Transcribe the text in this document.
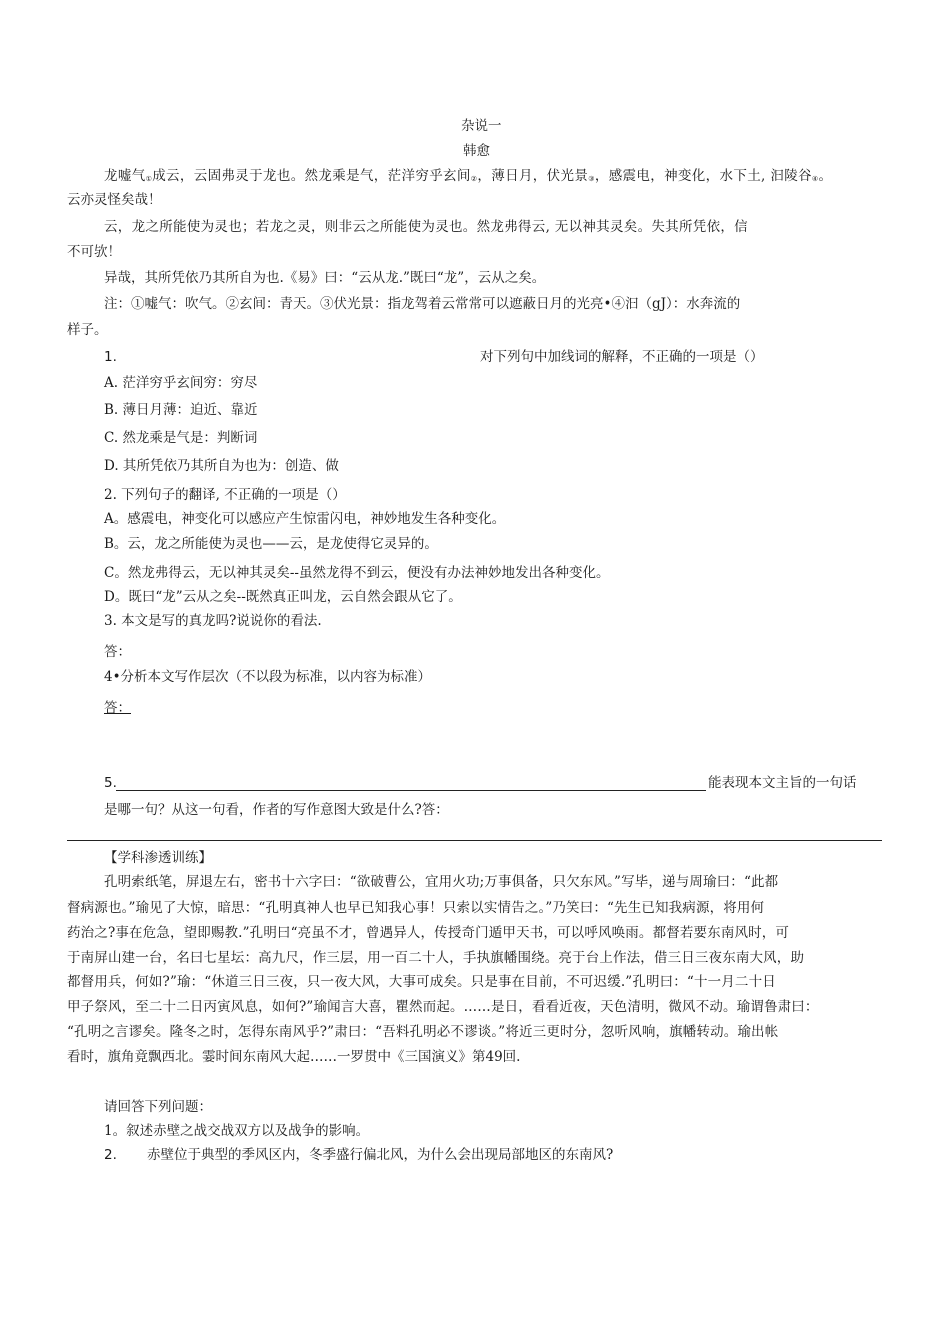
杂说一
韩愈
龙嘘气$_①$成云，云固弗灵于龙也。然龙乘是气，茫洋穷乎玄间$_②$，薄日月，伏光景$_③$，感震电，神变化，水下土, 汩陵谷$_④$。
云亦灵怪矣哉！
云，龙之所能使为灵也；若龙之灵，则非云之所能使为灵也。然龙弗得云, 无以神其灵矣。失其所凭依，信
不可欤！
异哉，其所凭依乃其所自为也.《易》曰：“云从龙.”既曰“龙”，云从之矣。
注：①嘘气：吹气。②玄间：青天。③伏光景：指龙驾着云常常可以遮蔽日月的光亮•④汩（gJ）：水奔流的
样子。
1.	对下列句中加线词的解释，不正确的一项是（）
A. 茫洋穷乎玄间穷：穷尽
B. 薄日月薄：迫近、靠近
C. 然龙乘是气是：判断词
D. 其所凭依乃其所自为也为：创造、做
2. 下列句子的翻译, 不正确的一项是（）
A。感震电，神变化可以感应产生惊雷闪电，神妙地发生各种变化。
B。云，龙之所能使为灵也——云，是龙使得它灵异的。
C。然龙弗得云，无以神其灵矣--虽然龙得不到云，便没有办法神妙地发出各种变化。
D。既曰“龙”云从之矣--既然真正叫龙，云自然会跟从它了。
3. 本文是写的真龙吗?说说你的看法.
答：
4•分析本文写作层次（不以段为标准，以内容为标准）
答：
5.	能表现本文主旨的一句话
是哪一句？从这一句看，作者的写作意图大致是什么?答：
【学科渗透训练】
孔明索纸笔，屏退左右，密书十六字曰：“欲破曹公，宜用火功;万事俱备，只欠东风。”写毕，递与周瑜曰：“此都
督病源也。”瑜见了大惊，暗思：“孔明真神人也早已知我心事！只索以实情告之。”乃笑曰：“先生已知我病源，将用何
药治之?事在危急，望即赐教.”孔明曰“亮虽不才，曾遇异人，传授奇门遁甲天书，可以呼风唤雨。都督若要东南风时，可
于南屏山建一台，名曰七星坛：高九尺，作三层，用一百二十人，手执旗幡围绕。亮于台上作法，借三日三夜东南大风，助
都督用兵，何如?”瑜：“休道三日三夜，只一夜大风，大事可成矣。只是事在目前，不可迟缓.”孔明曰：“十一月二十日
甲子祭风，至二十二日丙寅风息，如何?”瑜闻言大喜，瞿然而起。……是日，看看近夜，天色清明，微风不动。瑜谓鲁肃曰：
“孔明之言谬矣。隆冬之时，怎得东南风乎?”肃曰：“吾料孔明必不谬谈。”将近三更时分，忽听风响，旗幡转动。瑜出帐
看时，旗角竟飘西北。霎时间东南风大起……一罗贯中《三国演义》第49回.
请回答下列问题：
1。叙述赤壁之战交战双方以及战争的影响。
2. 赤壁位于典型的季风区内，冬季盛行偏北风，为什么会出现局部地区的东南风?
